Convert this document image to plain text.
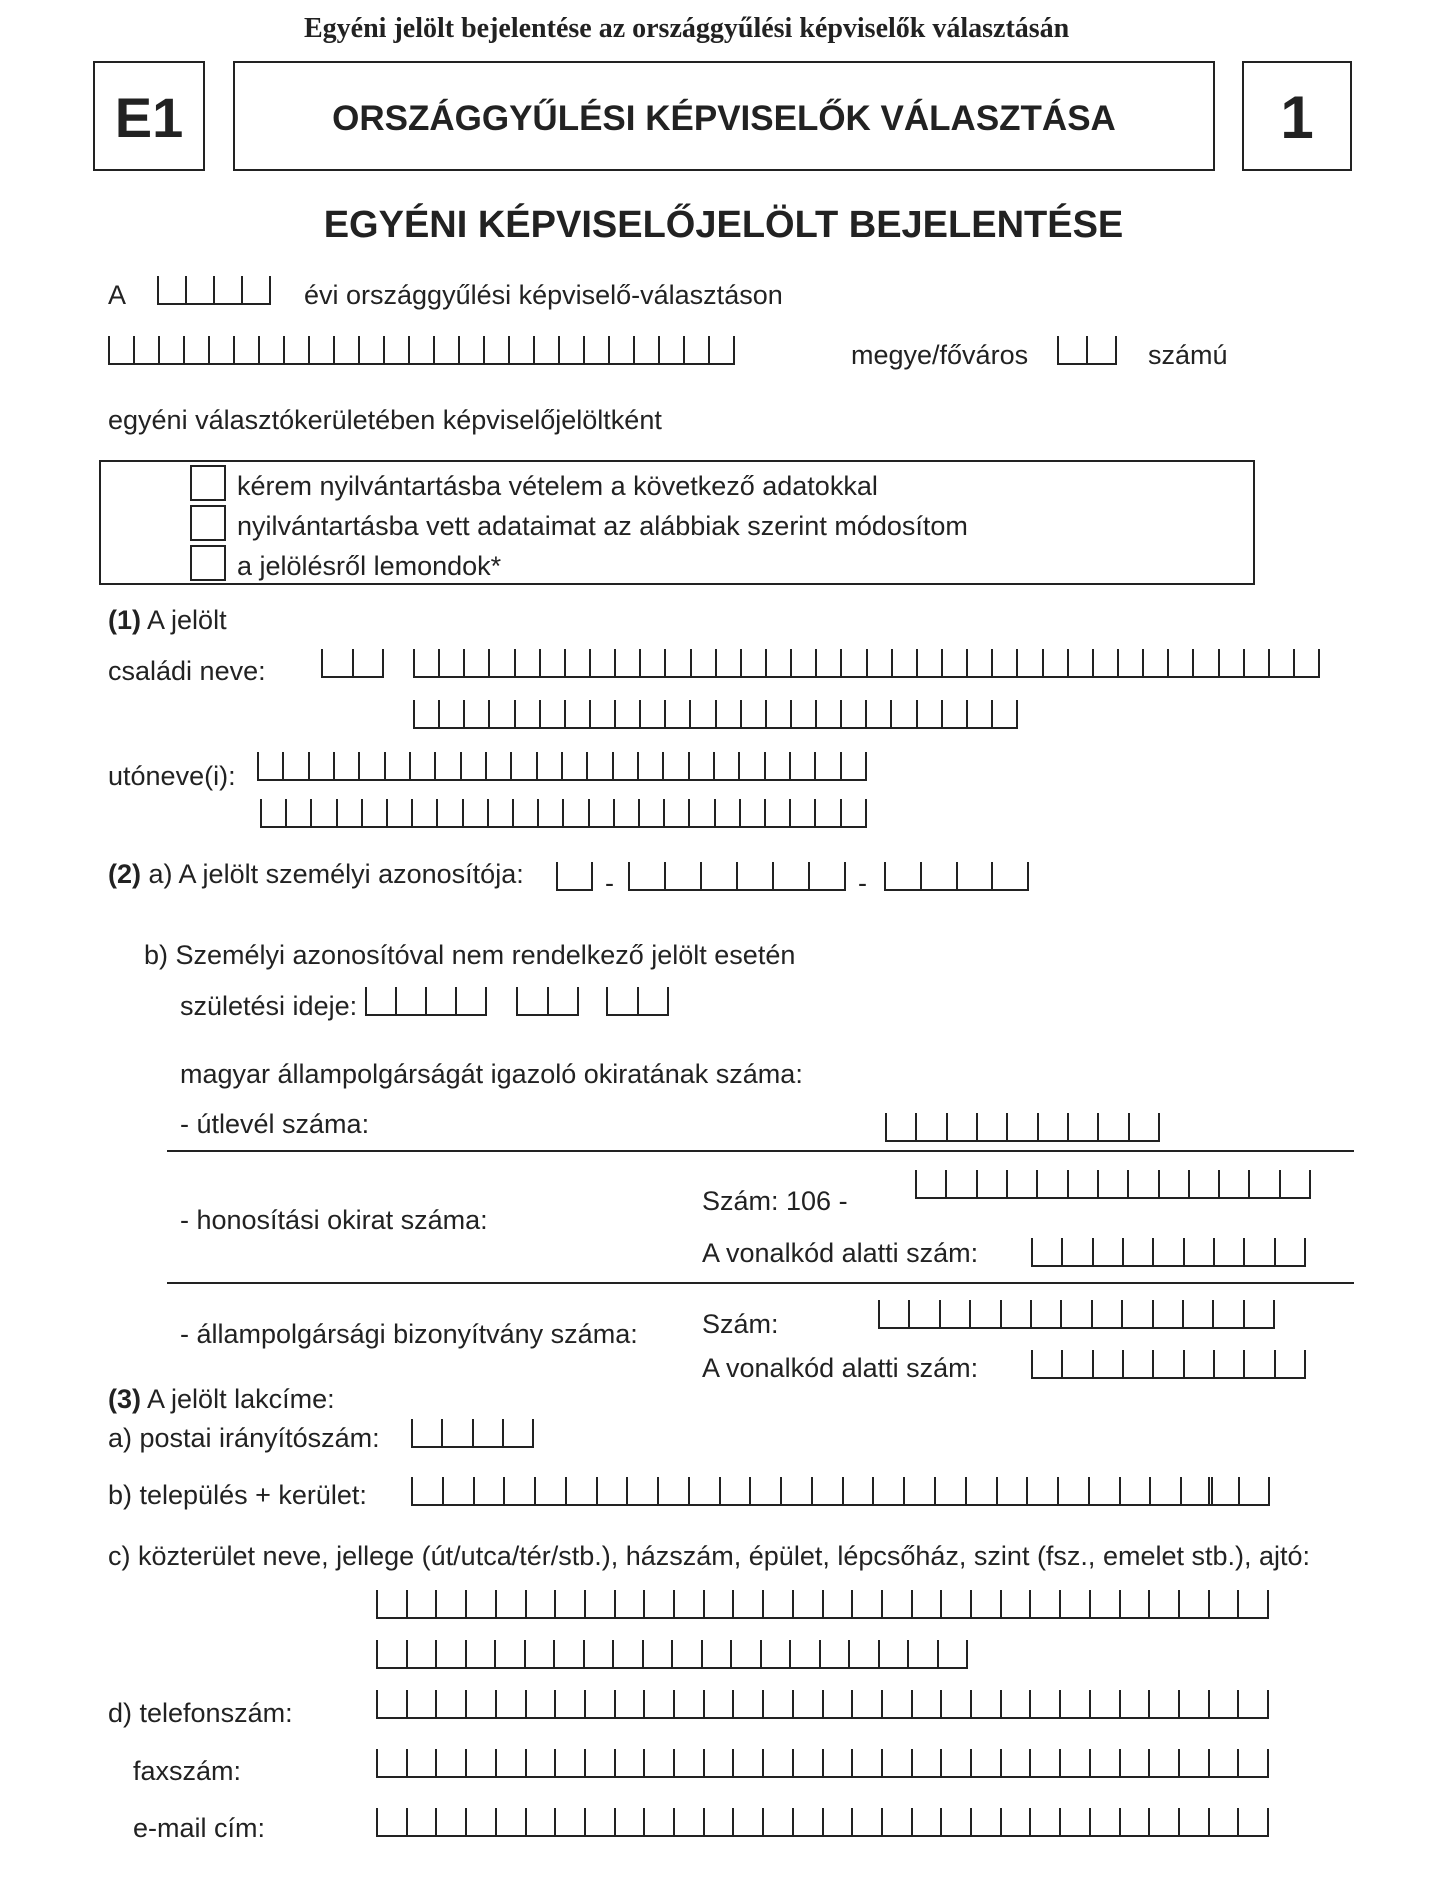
Egyéni jelölt bejelentése az országgyűlési képviselők választásán
E1	ORSZÁGGYŰLÉSI KÉPVISELŐK VÁLASZTÁSA	1
EGYÉNI KÉPVISELŐJELÖLT BEJELENTÉSE
A	évi országgyűlési képviselő-választáson
megye/főváros	számú
egyéni választókerületében képviselőjelöltként
kérem nyilvántartásba vételem a következő adatokkal
nyilvántartásba vett adataimat az alábbiak szerint módosítom
a jelölésről lemondok*
(1) A jelölt
családi neve:
utóneve(i):
(2) a) A jelölt személyi azonosítója:	-	-
b) Személyi azonosítóval nem rendelkező jelölt esetén
születési ideje:
magyar állampolgárságát igazoló okiratának száma:
- útlevél száma:
- honosítási okirat száma:
Szám: 106 -
A vonalkód alatti szám:
- állampolgársági bizonyítvány száma: Szám:
A vonalkód alatti szám:
(3) A jelölt lakcíme:
a) postai irányítószám:
b) település + kerület:
c) közterület neve, jellege (út/utca/tér/stb.), házszám, épület, lépcsőház, szint (fsz., emelet stb.), ajtó:
d) telefonszám:
faxszám:
e-mail cím:
